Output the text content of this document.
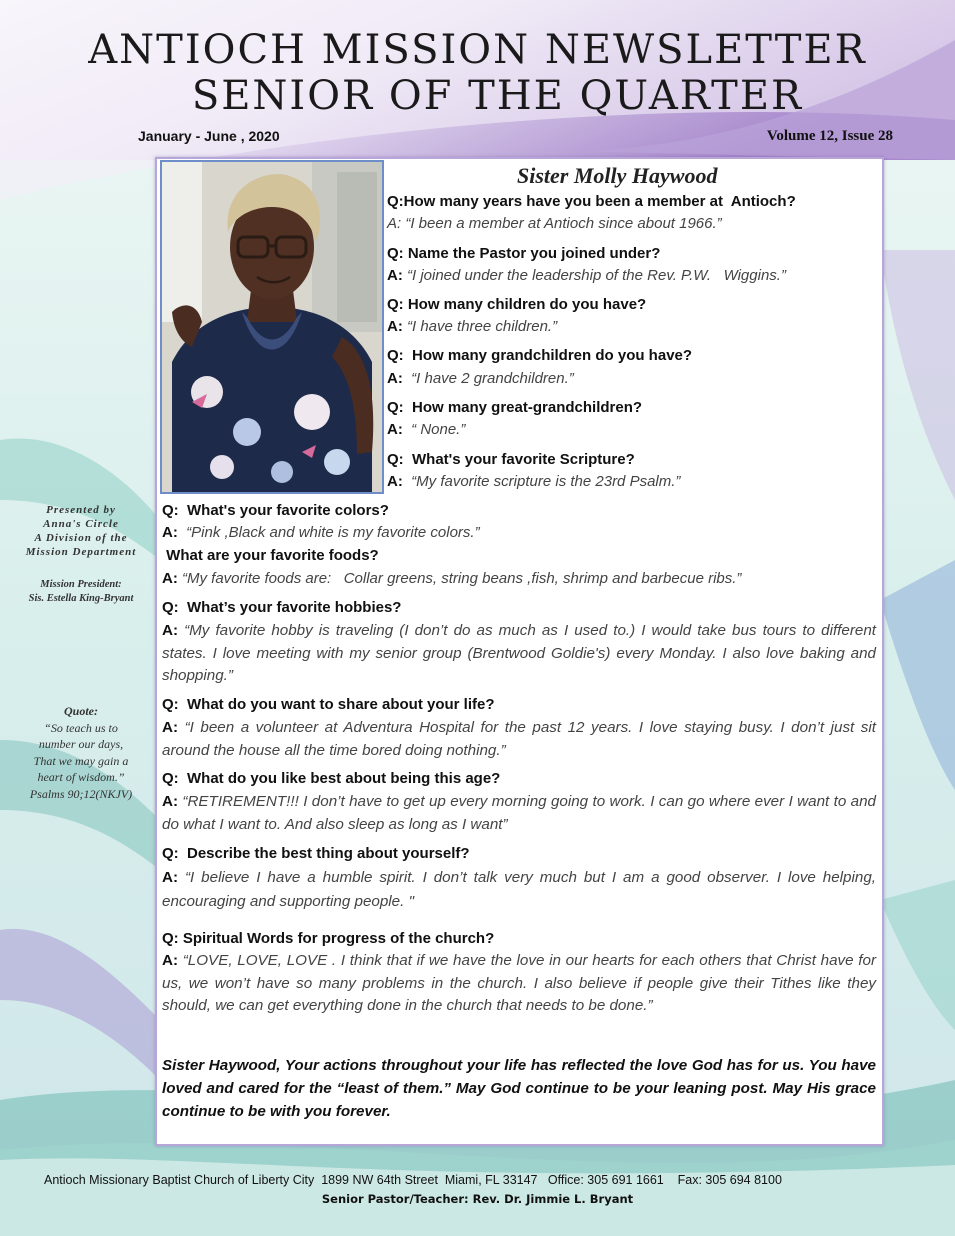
ANTIOCH MISSION NEWSLETTER
SENIOR OF THE QUARTER
January - June , 2020	Volume 12, Issue 28
Presented by
Anna's Circle
A Division of the
Mission Department
Mission President:
Sis. Estella King-Bryant
Quote:
“So teach us to
number our days,
That we may gain a
heart of wisdom.”
Psalms 90;12(NKJV)
Sister Molly Haywood
Q:How many years have you been a member at  Antioch?
A: “I been a member at Antioch since about 1966.”
Q: Name the Pastor you joined under?
A: “I joined under the leadership of the Rev. P.W.   Wiggins.”
Q: How many children do you have?
A: “I have three children.”
Q:  How many grandchildren do you have?
A:  “I have 2 grandchildren.”
Q:  How many great-grandchildren?
A:  “ None.”
Q:  What's your favorite Scripture?
A:  “My favorite scripture is the 23rd Psalm.”
Q:  What's your favorite colors?
A:  “Pink ,Black and white is my favorite colors.”
What are your favorite foods?
A: “My favorite foods are:   Collar greens, string beans ,fish, shrimp and barbecue ribs.”
Q:  What’s your favorite hobbies?
A: “My favorite hobby is traveling (I don’t do as much as I used to.) I would take bus tours to different states. I love meeting with my senior group (Brentwood Goldie's) every Monday. I also love baking and shopping.”
Q:  What do you want to share about your life?
A: “I been a volunteer at Adventura Hospital for the past 12 years. I love staying busy. I don’t just sit around the house all the time bored doing nothing.”
Q:  What do you like best about being this age?
A: “RETIREMENT!!! I don’t have to get up every morning going to work. I can go where ever I want to and do what I want to. And also sleep as long as I want”
Q:  Describe the best thing about yourself?
A: “I believe I have a humble spirit. I don’t talk very much but I am a good observer. I love helping, encouraging and supporting people. "
Q: Spiritual Words for progress of the church?
A: “LOVE, LOVE, LOVE . I think that if we have the love in our hearts for each others that Christ have for us, we won’t have so many problems in the church. I also believe if people give their Tithes like they should, we can get everything done in the church that needs to be done.”
Sister Haywood, Your actions throughout your life has reflected the love God has for us. You have loved and cared for the “least of them.” May God continue to be your leaning post. May His grace continue to be with you forever.
Antioch Missionary Baptist Church of Liberty City  1899 NW 64th Street  Miami, FL 33147   Office: 305 691 1661    Fax: 305 694 8100
Senior Pastor/Teacher: Rev. Dr. Jimmie L. Bryant
